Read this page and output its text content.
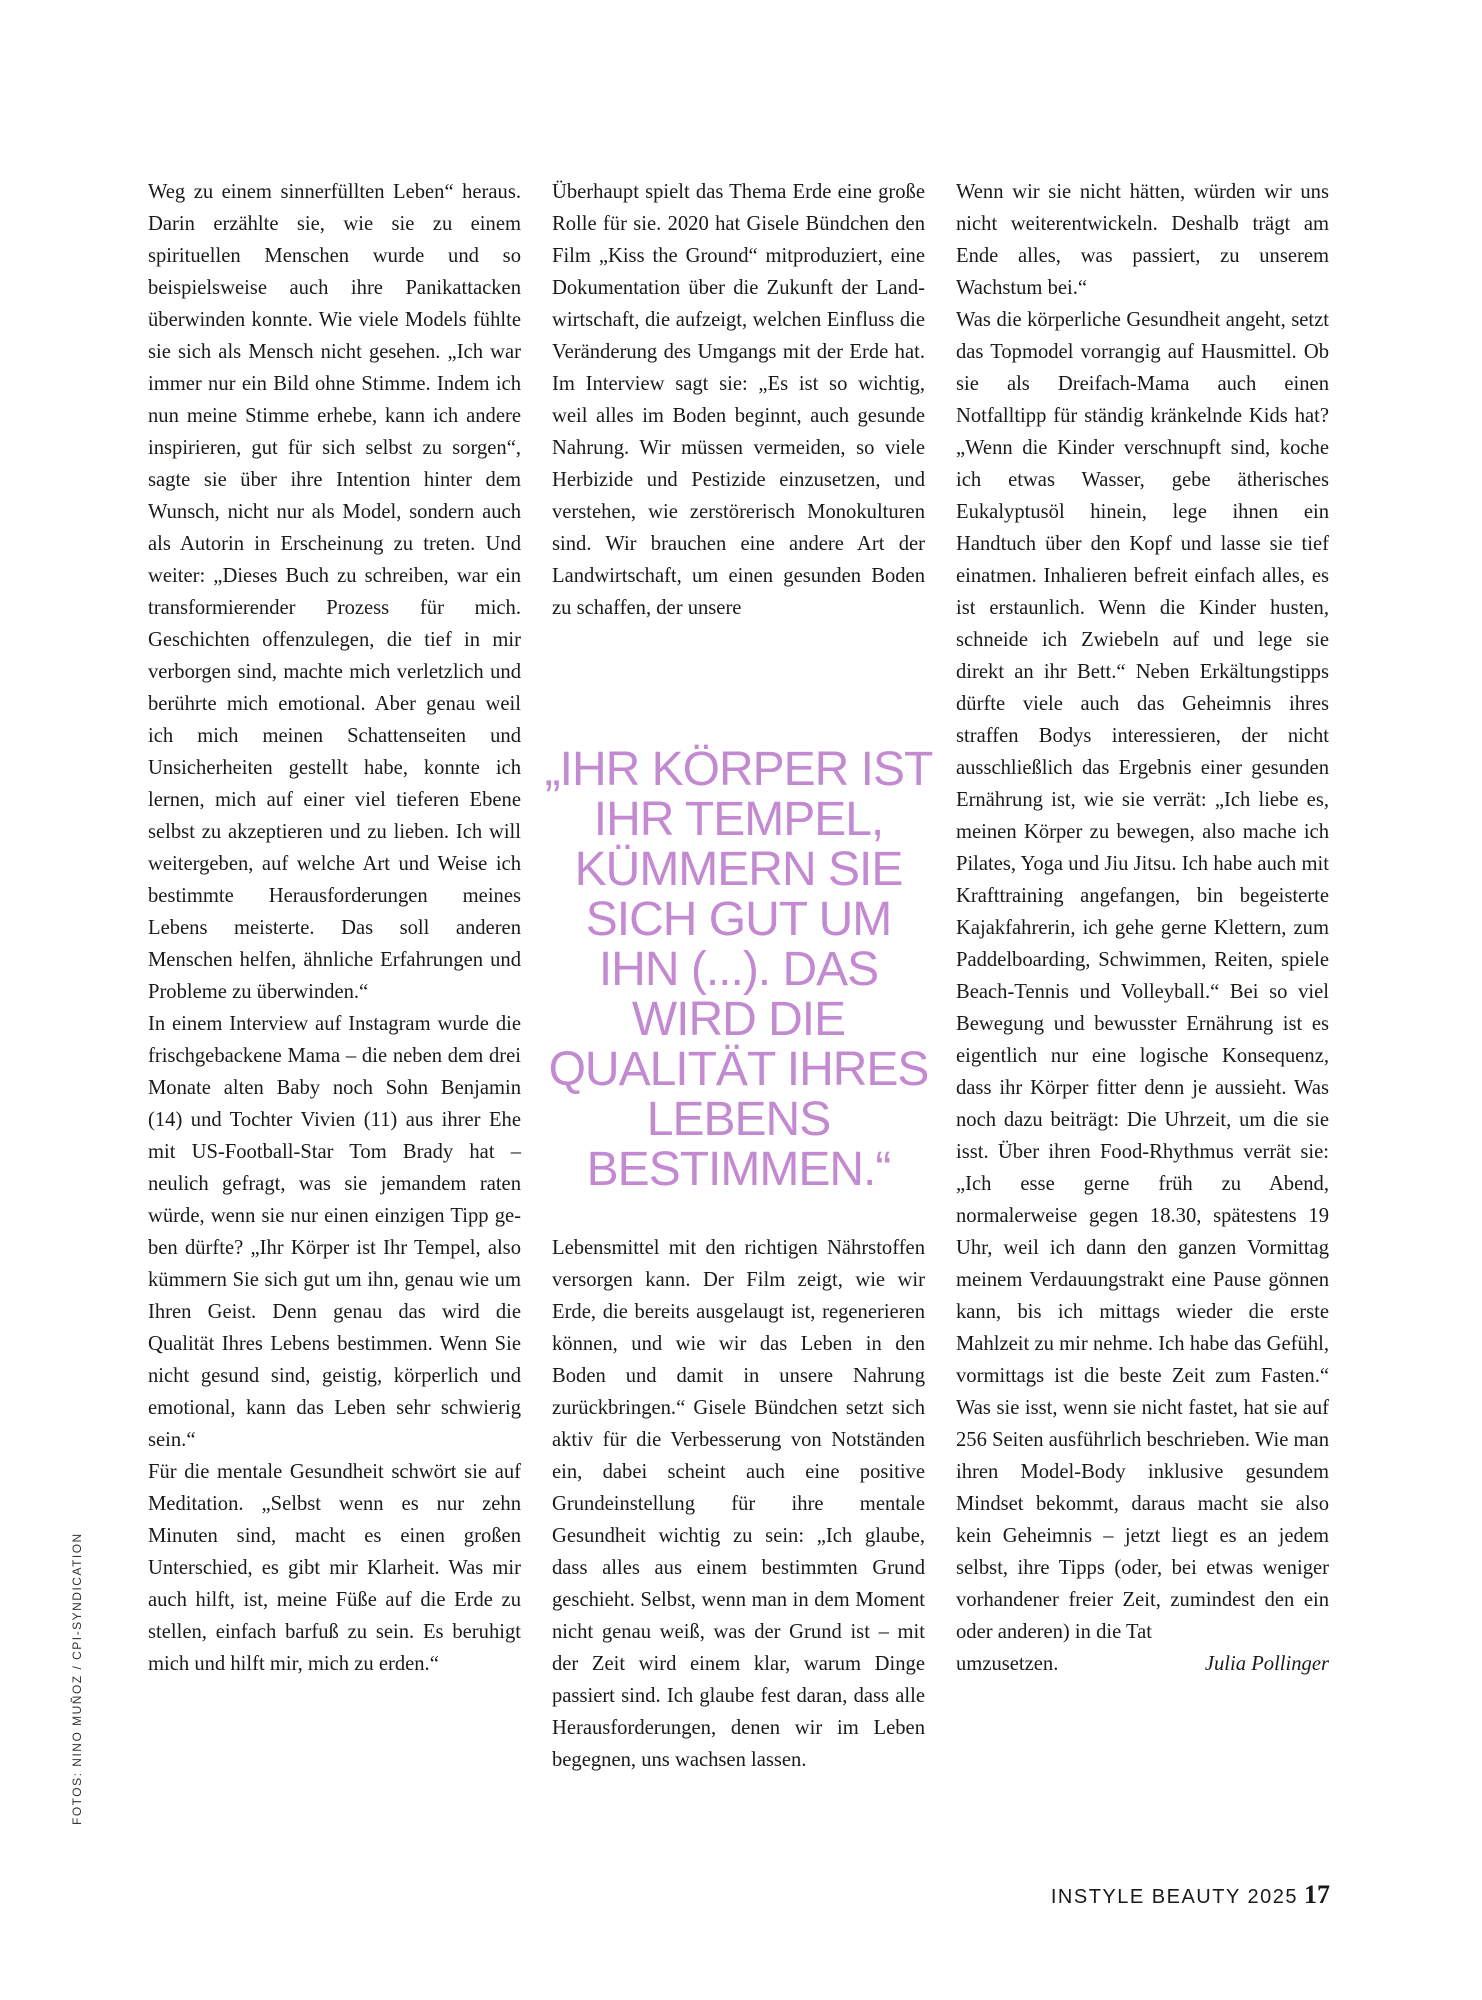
Weg zu einem sinnerfüllten Leben“ heraus. Darin erzählte sie, wie sie zu einem spirituellen Menschen wurde und so beispielsweise auch ihre Panikattacken überwinden konnte. Wie viele Models fühlte sie sich als Mensch nicht gesehen. „Ich war immer nur ein Bild ohne Stimme. Indem ich nun meine Stimme erhebe, kann ich andere inspirieren, gut für sich selbst zu sorgen“, sagte sie über ihre Intention hinter dem Wunsch, nicht nur als Model, sondern auch als Autorin in Erscheinung zu treten. Und weiter: „Dieses Buch zu schreiben, war ein transformierender Prozess für mich. Geschichten offenzulegen, die tief in mir verborgen sind, machte mich verletzlich und berührte mich emotional. Aber genau weil ich mich meinen Schattenseiten und Unsicherheiten gestellt habe, konnte ich lernen, mich auf einer viel tieferen Ebene selbst zu akzeptieren und zu lieben. Ich will weitergeben, auf welche Art und Weise ich bestimmte Herausforderungen meines Lebens meisterte. Das soll anderen Menschen helfen, ähnliche Erfahrungen und Probleme zu überwinden.“

In einem Interview auf Instagram wurde die frischgebackene Mama – die neben dem drei Monate alten Baby noch Sohn Benjamin (14) und Tochter Vivien (11) aus ihrer Ehe mit US-Football-Star Tom Brady hat – neulich gefragt, was sie jemandem raten würde, wenn sie nur einen einzigen Tipp geben dürfte? „Ihr Körper ist Ihr Tempel, also kümmern Sie sich gut um ihn, genau wie um Ihren Geist. Denn genau das wird die Qualität Ihres Lebens bestimmen. Wenn Sie nicht gesund sind, geistig, körperlich und emotional, kann das Leben sehr schwierig sein.“

Für die mentale Gesundheit schwört sie auf Meditation. „Selbst wenn es nur zehn Minuten sind, macht es einen großen Unterschied, es gibt mir Klarheit. Was mir auch hilft, ist, meine Füße auf die Erde zu stellen, einfach barfuß zu sein. Es beruhigt mich und hilft mir, mich zu erden.“

Überhaupt spielt das Thema Erde eine große Rolle für sie. 2020 hat Gisele Bündchen den Film „Kiss the Ground“ mitproduziert, eine Dokumentation über die Zukunft der Landwirtschaft, die aufzeigt, welchen Einfluss die Veränderung des Umgangs mit der Erde hat. Im Interview sagt sie: „Es ist so wichtig, weil alles im Boden beginnt, auch gesunde Nahrung. Wir müssen vermeiden, so viele Herbizide und Pestizide einzusetzen, und verstehen, wie zerstörerisch Monokulturen sind. Wir brauchen eine andere Art der Landwirtschaft, um einen gesunden Boden zu schaffen, der unsere

„IHR KÖRPER IST IHR TEMPEL, KÜMMERN SIE SICH GUT UM IHN (...). DAS WIRD DIE QUALITÄT IHRES LEBENS BESTIMMEN.“

Lebensmittel mit den richtigen Nährstoffen versorgen kann. Der Film zeigt, wie wir Erde, die bereits ausgelaugt ist, regenerieren können, und wie wir das Leben in den Boden und damit in unsere Nahrung zurückbringen.“ Gisele Bündchen setzt sich aktiv für die Verbesserung von Notständen ein, dabei scheint auch eine positive Grundeinstellung für ihre mentale Gesundheit wichtig zu sein: „Ich glaube, dass alles aus einem bestimmten Grund geschieht. Selbst, wenn man in dem Moment nicht genau weiß, was der Grund ist – mit der Zeit wird einem klar, warum Dinge passiert sind. Ich glaube fest daran, dass alle Herausforderungen, denen wir im Leben begegnen, uns wachsen lassen.

Wenn wir sie nicht hätten, würden wir uns nicht weiterentwickeln. Deshalb trägt am Ende alles, was passiert, zu unserem Wachstum bei.“

Was die körperliche Gesundheit angeht, setzt das Topmodel vorrangig auf Hausmittel. Ob sie als Dreifach-Mama auch einen Notfalltipp für ständig kränkelnde Kids hat? „Wenn die Kinder verschnupft sind, koche ich etwas Wasser, gebe ätherisches Eukalyptusöl hinein, lege ihnen ein Handtuch über den Kopf und lasse sie tief einatmen. Inhalieren befreit einfach alles, es ist erstaunlich. Wenn die Kinder husten, schneide ich Zwiebeln auf und lege sie direkt an ihr Bett.“ Neben Erkältungstipps dürfte viele auch das Geheimnis ihres straffen Bodys interessieren, der nicht ausschließlich das Ergebnis einer gesunden Ernährung ist, wie sie verrät: „Ich liebe es, meinen Körper zu bewegen, also mache ich Pilates, Yoga und Jiu Jitsu. Ich habe auch mit Krafttraining angefangen, bin begeisterte Kajakfahrerin, ich gehe gerne Klettern, zum Paddelboarding, Schwimmen, Reiten, spiele Beach-Tennis und Volleyball.“ Bei so viel Bewegung und bewusster Ernährung ist es eigentlich nur eine logische Konsequenz, dass ihr Körper fitter denn je aussieht. Was noch dazu beiträgt: Die Uhrzeit, um die sie isst. Über ihren Food-Rhythmus verrät sie: „Ich esse gerne früh zu Abend, normalerweise gegen 18.30, spätestens 19 Uhr, weil ich dann den ganzen Vormittag meinem Verdauungstrakt eine Pause gönnen kann, bis ich mittags wieder die erste Mahlzeit zu mir nehme. Ich habe das Gefühl, vormittags ist die beste Zeit zum Fasten.“ Was sie isst, wenn sie nicht fastet, hat sie auf 256 Seiten ausführlich beschrieben. Wie man ihren Model-Body inklusive gesundem Mindset bekommt, daraus macht sie also kein Geheimnis – jetzt liegt es an jedem selbst, ihre Tipps (oder, bei etwas weniger vorhandener freier Zeit, zumindest den ein oder anderen) in die Tat

umzusetzen.	Julia Pollinger
FOTOS: NINO MUÑOZ / CPI-SYNDICATION
INSTYLE BEAUTY 2025 17
